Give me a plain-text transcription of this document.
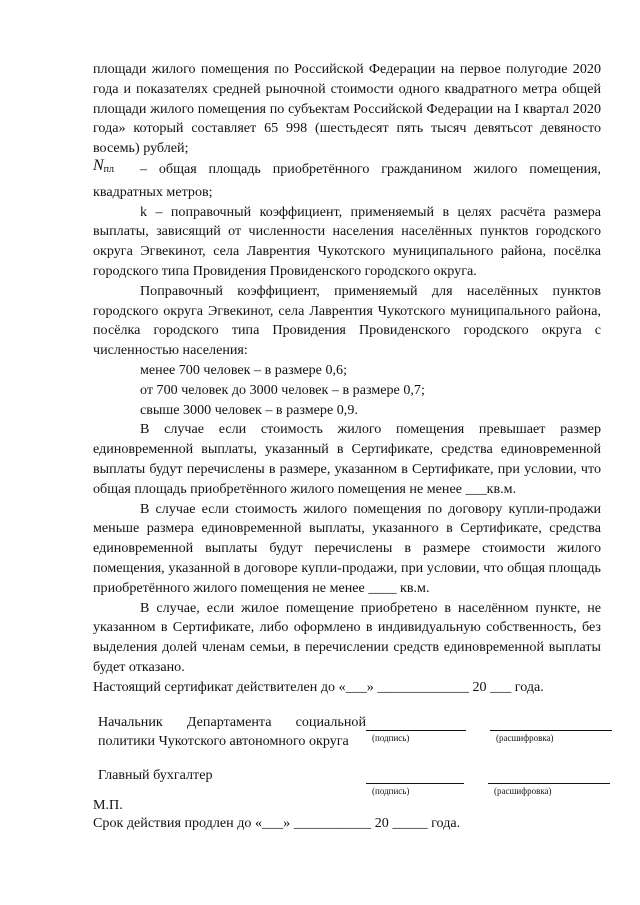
площади жилого помещения по Российской Федерации на первое полугодие 2020 года и показателях средней рыночной стоимости одного квадратного метра общей площади жилого помещения по субъектам Российской Федерации на I квартал 2020 года» который составляет 65 998 (шестьдесят пять тысяч девятьсот девяносто восемь) рублей;

$N_{пл}$ – общая площадь приобретённого гражданином жилого помещения, квадратных метров;

k – поправочный коэффициент, применяемый в целях расчёта размера выплаты, зависящий от численности населения населённых пунктов городского округа Эгвекинот, села Лаврентия Чукотского муниципального района, посёлка городского типа Провидения Провиденского городского округа.

Поправочный коэффициент, применяемый для населённых пунктов городского округа Эгвекинот, села Лаврентия Чукотского муниципального района, посёлка городского типа Провидения Провиденского городского округа с численностью населения:

менее 700 человек – в размере 0,6;

от 700 человек до 3000 человек – в размере 0,7;

свыше 3000 человек – в размере 0,9.

В случае если стоимость жилого помещения превышает размер единовременной выплаты, указанный в Сертификате, средства единовременной выплаты будут перечислены в размере, указанном в Сертификате, при условии, что общая площадь приобретённого жилого помещения не менее ___кв.м.

В случае если стоимость жилого помещения по договору купли-продажи меньше размера единовременной выплаты, указанного в Сертификате, средства единовременной выплаты будут перечислены в размере стоимости жилого помещения, указанной в договоре купли-продажи, при условии, что общая площадь приобретённого жилого помещения не менее ____ кв.м.

В случае, если жилое помещение приобретено в населённом пункте, не указанном в Сертификате, либо оформлено в индивидуальную собственность, без выделения долей членам семьи, в перечислении средств единовременной выплаты будет отказано.

Настоящий сертификат действителен до «___» _____________ 20 ___ года.
Начальник Департамента социальной политики Чукотского автономного округа	(подпись)	(расшифровка)
Главный бухгалтер
(подпись)	(расшифровка)
М.П.
Срок действия продлен до «___» ___________ 20 _____ года.
